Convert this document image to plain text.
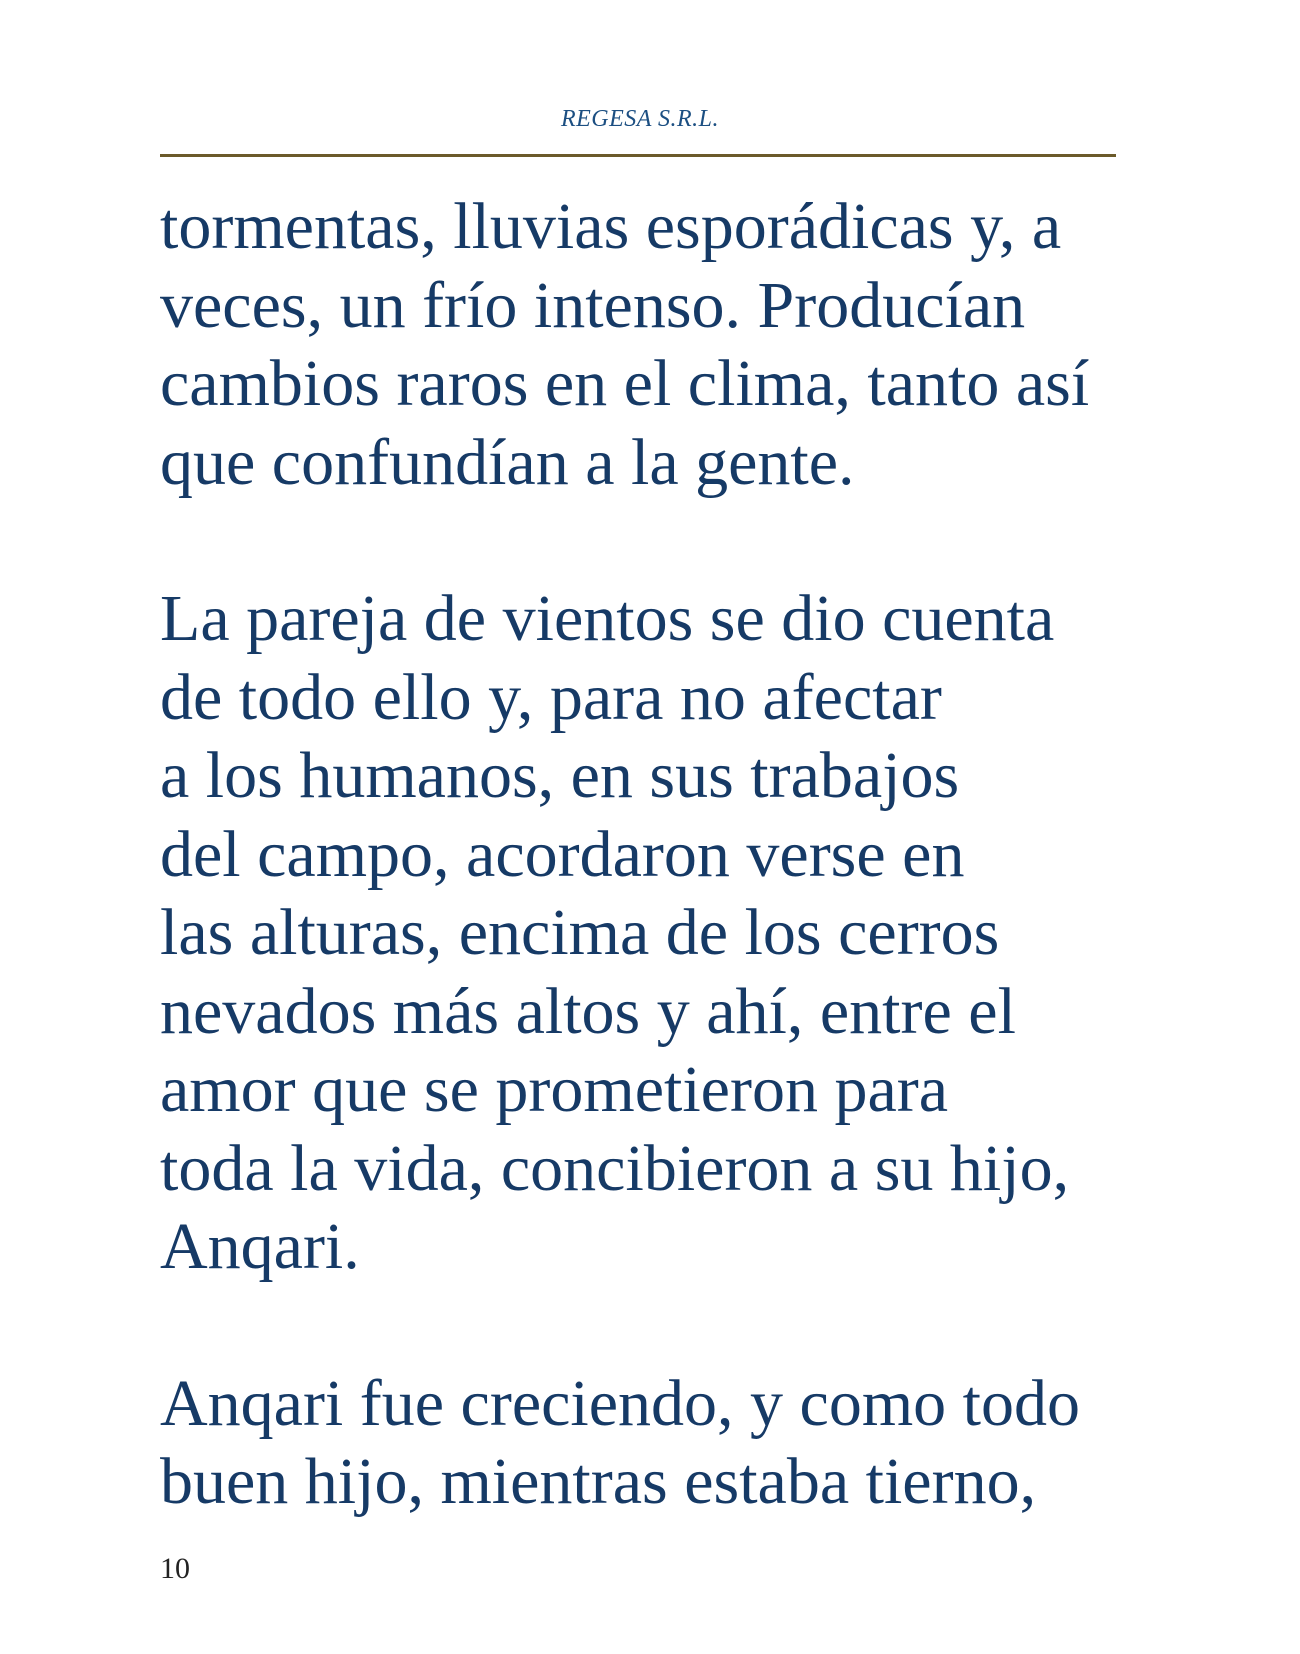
REGESA S.R.L.

tormentas, lluvias esporádicas y, a
veces, un frío intenso. Producían
cambios raros en el clima, tanto así
que confundían a la gente.

La pareja de vientos se dio cuenta
de todo ello y, para no afectar
a los humanos, en sus trabajos
del campo, acordaron verse en
las alturas, encima de los cerros
nevados más altos y ahí, entre el
amor que se prometieron para
toda la vida, concibieron a su hijo,
Anqari.

Anqari fue creciendo, y como todo
buen hijo, mientras estaba tierno,

10
